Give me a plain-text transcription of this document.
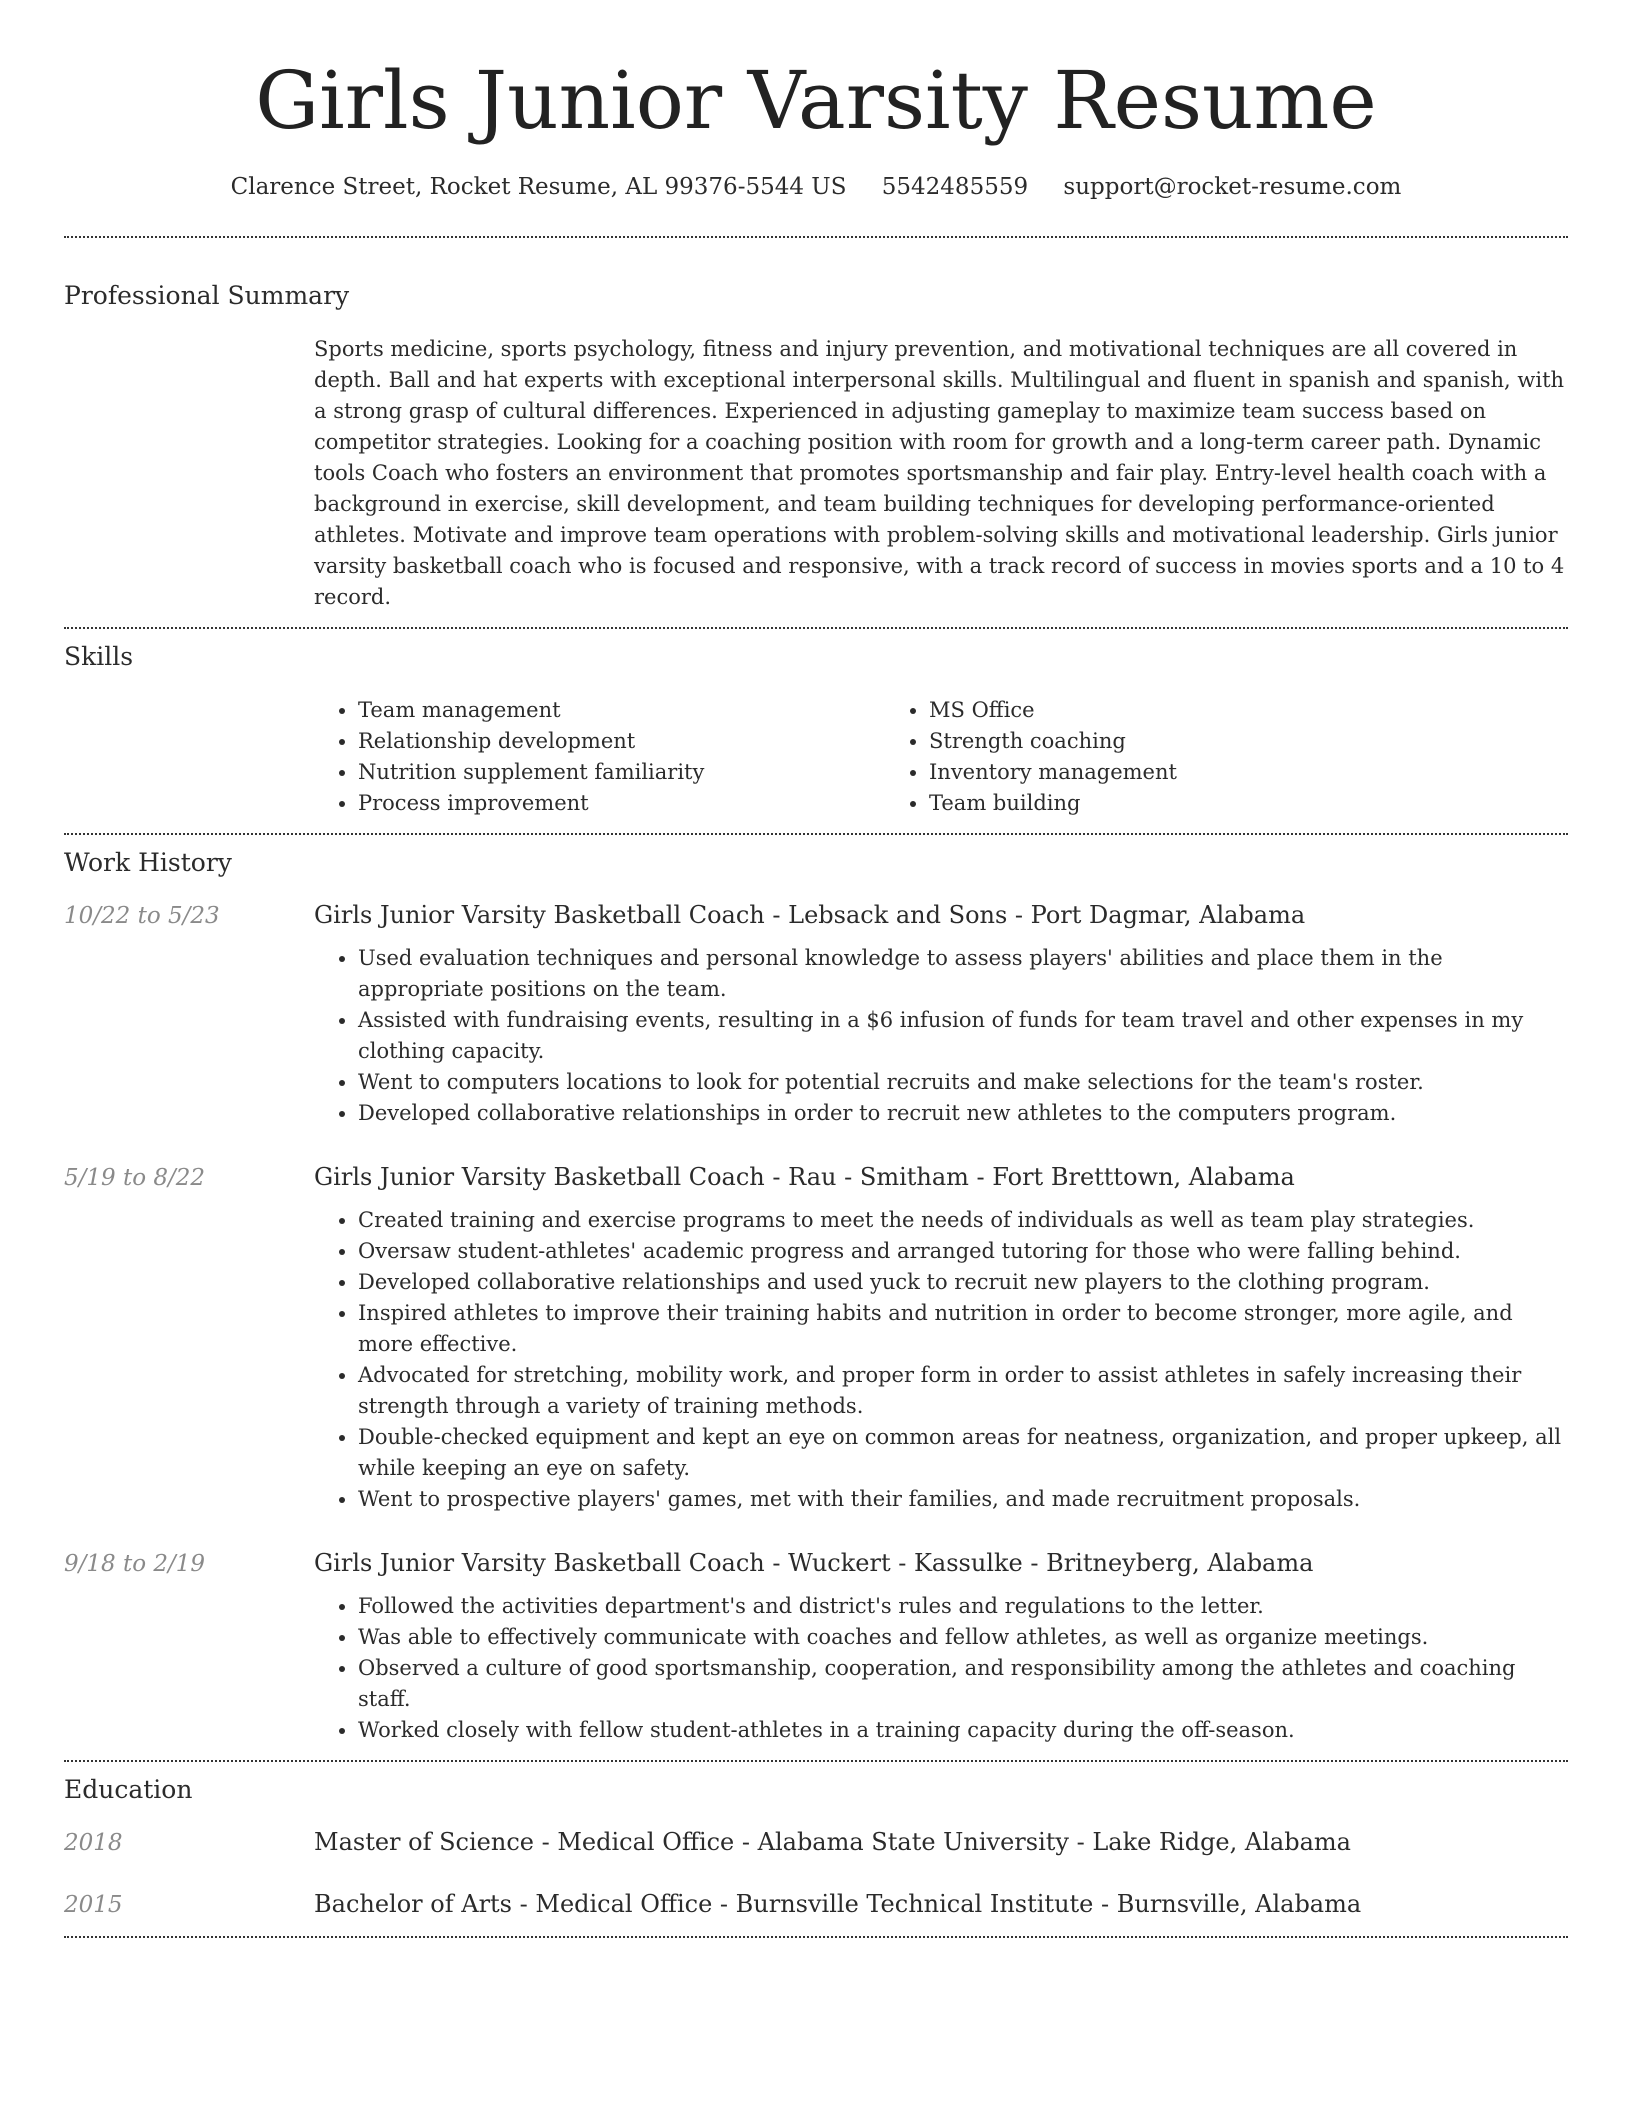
Girls Junior Varsity Resume
Clarence Street, Rocket Resume, AL 99376-5544 US 5542485559 support@rocket-resume.com
Professional Summary
Sports medicine, sports psychology, fitness and injury prevention, and motivational techniques are all covered in depth. Ball and hat experts with exceptional interpersonal skills. Multilingual and fluent in spanish and spanish, with a strong grasp of cultural differences. Experienced in adjusting gameplay to maximize team success based on competitor strategies. Looking for a coaching position with room for growth and a long-term career path. Dynamic tools Coach who fosters an environment that promotes sportsmanship and fair play. Entry-level health coach with a background in exercise, skill development, and team building techniques for developing performance-oriented athletes. Motivate and improve team operations with problem-solving skills and motivational leadership. Girls junior varsity basketball coach who is focused and responsive, with a track record of success in movies sports and a 10 to 4 record.
Skills
• Team management
• Relationship development
• Nutrition supplement familiarity
• Process improvement
• MS Office
• Strength coaching
• Inventory management
• Team building
Work History
10/22 to 5/23	Girls Junior Varsity Basketball Coach - Lebsack and Sons - Port Dagmar, Alabama
• Used evaluation techniques and personal knowledge to assess players' abilities and place them in the appropriate positions on the team.
• Assisted with fundraising events, resulting in a $6 infusion of funds for team travel and other expenses in my clothing capacity.
• Went to computers locations to look for potential recruits and make selections for the team's roster.
• Developed collaborative relationships in order to recruit new athletes to the computers program.
5/19 to 8/22	Girls Junior Varsity Basketball Coach - Rau - Smitham - Fort Bretttown, Alabama
• Created training and exercise programs to meet the needs of individuals as well as team play strategies.
• Oversaw student-athletes' academic progress and arranged tutoring for those who were falling behind.
• Developed collaborative relationships and used yuck to recruit new players to the clothing program.
• Inspired athletes to improve their training habits and nutrition in order to become stronger, more agile, and more effective.
• Advocated for stretching, mobility work, and proper form in order to assist athletes in safely increasing their strength through a variety of training methods.
• Double-checked equipment and kept an eye on common areas for neatness, organization, and proper upkeep, all while keeping an eye on safety.
• Went to prospective players' games, met with their families, and made recruitment proposals.
9/18 to 2/19	Girls Junior Varsity Basketball Coach - Wuckert - Kassulke - Britneyberg, Alabama
• Followed the activities department's and district's rules and regulations to the letter.
• Was able to effectively communicate with coaches and fellow athletes, as well as organize meetings.
• Observed a culture of good sportsmanship, cooperation, and responsibility among the athletes and coaching staff.
• Worked closely with fellow student-athletes in a training capacity during the off-season.
Education
2018	Master of Science - Medical Office - Alabama State University - Lake Ridge, Alabama
2015	Bachelor of Arts - Medical Office - Burnsville Technical Institute - Burnsville, Alabama
